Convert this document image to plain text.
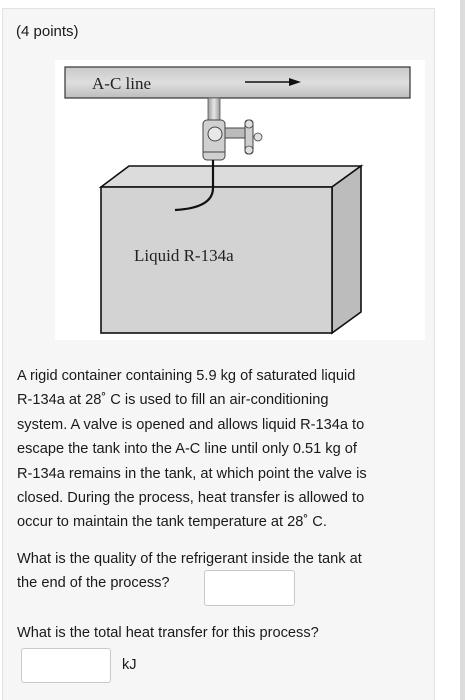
(4 points)
A-C line
Liquid R-134a

A rigid container containing 5.9 kg of saturated liquid
R-134a at 28˚ C is used to fill an air-conditioning
system. A valve is opened and allows liquid R-134a to
escape the tank into the A-C line until only 0.51 kg of
R-134a remains in the tank, at which point the valve is
closed. During the process, heat transfer is allowed to
occur to maintain the tank temperature at 28˚ C.

What is the quality of the refrigerant inside the tank at
the end of the process?

What is the total heat transfer for this process?
kJ
